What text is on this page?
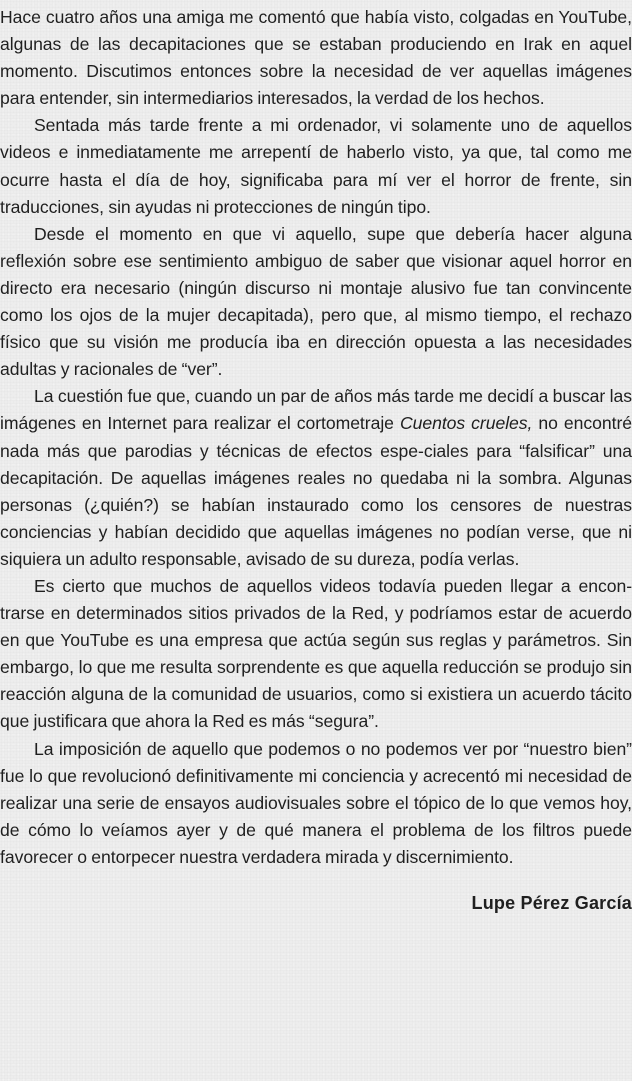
Hace cuatro años una amiga me comentó que había visto, colgadas en YouTube, algunas de las decapitaciones que se estaban produciendo en Irak en aquel momento. Discutimos entonces sobre la necesidad de ver aquellas imágenes para entender, sin intermediarios interesados, la verdad de los hechos.

Sentada más tarde frente a mi ordenador, vi solamente uno de aquellos videos e inmediatamente me arrepentí de haberlo visto, ya que, tal como me ocurre hasta el día de hoy, significaba para mí ver el horror de frente, sin traducciones, sin ayudas ni protecciones de ningún tipo.

Desde el momento en que vi aquello, supe que debería hacer alguna reflexión sobre ese sentimiento ambiguo de saber que visionar aquel horror en directo era necesario (ningún discurso ni montaje alusivo fue tan convincente como los ojos de la mujer decapitada), pero que, al mismo tiempo, el rechazo físico que su visión me producía iba en dirección opuesta a las necesidades adultas y racionales de “ver”.

La cuestión fue que, cuando un par de años más tarde me decidí a buscar las imágenes en Internet para realizar el cortometraje Cuentos crueles, no encontré nada más que parodias y técnicas de efectos espe-ciales para “falsificar” una decapitación. De aquellas imágenes reales no quedaba ni la sombra. Algunas personas (¿quién?) se habían instaurado como los censores de nuestras conciencias y habían decidido que aquellas imágenes no podían verse, que ni siquiera un adulto responsable, avisado de su dureza, podía verlas.

Es cierto que muchos de aquellos videos todavía pueden llegar a encon-trarse en determinados sitios privados de la Red, y podríamos estar de acuerdo en que YouTube es una empresa que actúa según sus reglas y parámetros. Sin embargo, lo que me resulta sorprendente es que aquella reducción se produjo sin reacción alguna de la comunidad de usuarios, como si existiera un acuerdo tácito que justificara que ahora la Red es más “segura”.

La imposición de aquello que podemos o no podemos ver por “nuestro bien” fue lo que revolucionó definitivamente mi conciencia y acrecentó mi necesidad de realizar una serie de ensayos audiovisuales sobre el tópico de lo que vemos hoy, de cómo lo veíamos ayer y de qué manera el problema de los filtros puede favorecer o entorpecer nuestra verdadera mirada y discernimiento.

Lupe Pérez García
